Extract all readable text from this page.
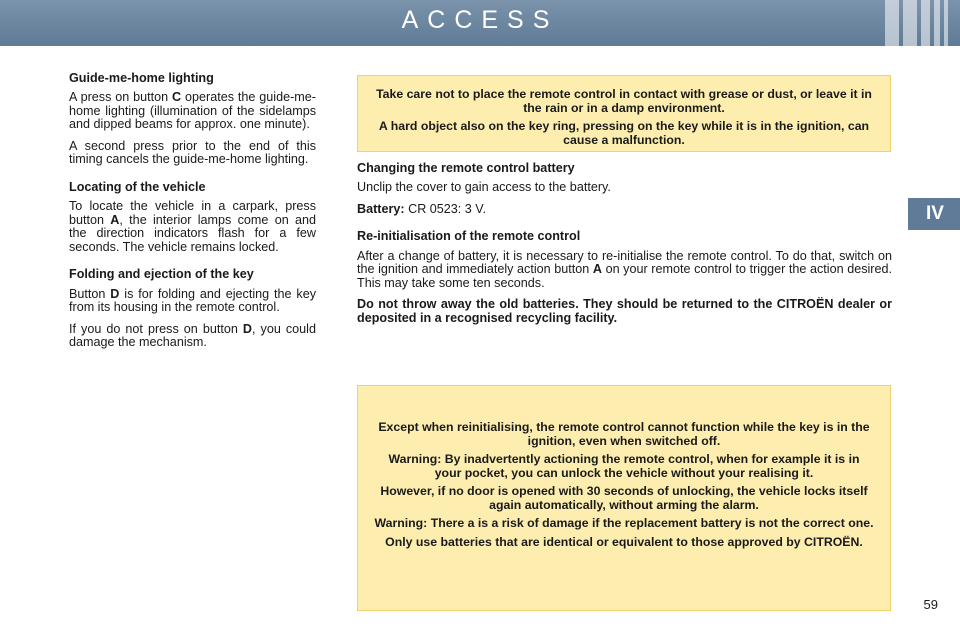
ACCESS
IV
Guide-me-home lighting

A press on button C operates the guide-me-home lighting (illumination of the sidelamps and dipped beams for approx. one minute).

A second press prior to the end of this timing cancels the guide-me-home lighting.

Locating of the vehicle

To locate the vehicle in a carpark, press button A, the interior lamps come on and the direction indicators flash for a few seconds. The vehicle remains locked.

Folding and ejection of the key

Button D is for folding and ejecting the key from its housing in the remote control.

If you do not press on button D, you could damage the mechanism.

Take care not to place the remote control in contact with grease or dust, or leave it in the rain or in a damp environment.

A hard object also on the key ring, pressing on the key while it is in the ignition, can cause a malfunction.

Changing the remote control battery

Unclip the cover to gain access to the battery.

Battery: CR 0523: 3 V.

Re-initialisation of the remote control

After a change of battery, it is necessary to re-initialise the remote control. To do that, switch on the ignition and immediately action button A on your remote control to trigger the action desired. This may take some ten seconds.

Do not throw away the old batteries. They should be returned to the CITROËN dealer or deposited in a recognised recycling facility.

Except when reinitialising, the remote control cannot function while the key is in the ignition, even when switched off.

Warning: By inadvertently actioning the remote control, when for example it is in your pocket, you can unlock the vehicle without your realising it.

However, if no door is opened with 30 seconds of unlocking, the vehicle locks itself again automatically, without arming the alarm.

Warning: There a is a risk of damage if the replacement battery is not the correct one.

Only use batteries that are identical or equivalent to those approved by CITROËN.

59
